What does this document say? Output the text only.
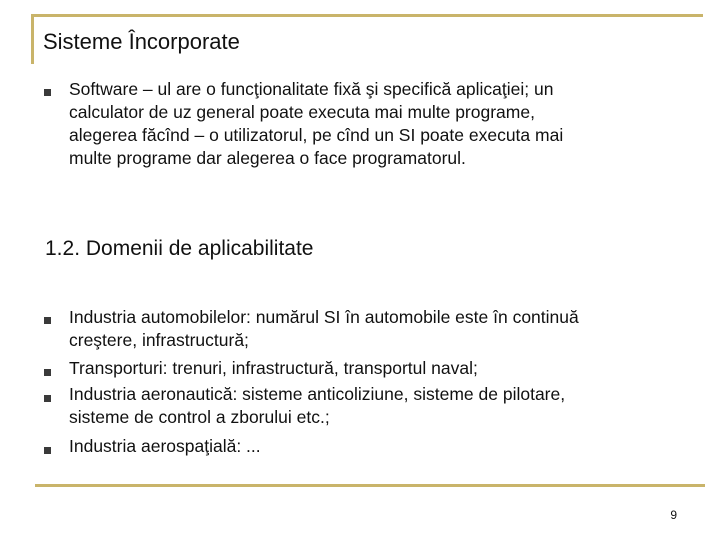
Sisteme Încorporate
Software – ul are o funcţionalitate fixă şi specifică aplicaţiei; un
calculator de uz general poate executa mai multe programe,
alegerea făcînd – o utilizatorul, pe cînd un SI poate executa mai
multe programe dar alegerea o face programatorul.
1.2. Domenii de aplicabilitate
Industria automobilelor: numărul SI în automobile este în continuă
creştere, infrastructură;
Transporturi: trenuri, infrastructură, transportul naval;
Industria aeronautică: sisteme anticoliziune, sisteme de pilotare,
sisteme de control a zborului etc.;
Industria aerospaţială: ...
9
